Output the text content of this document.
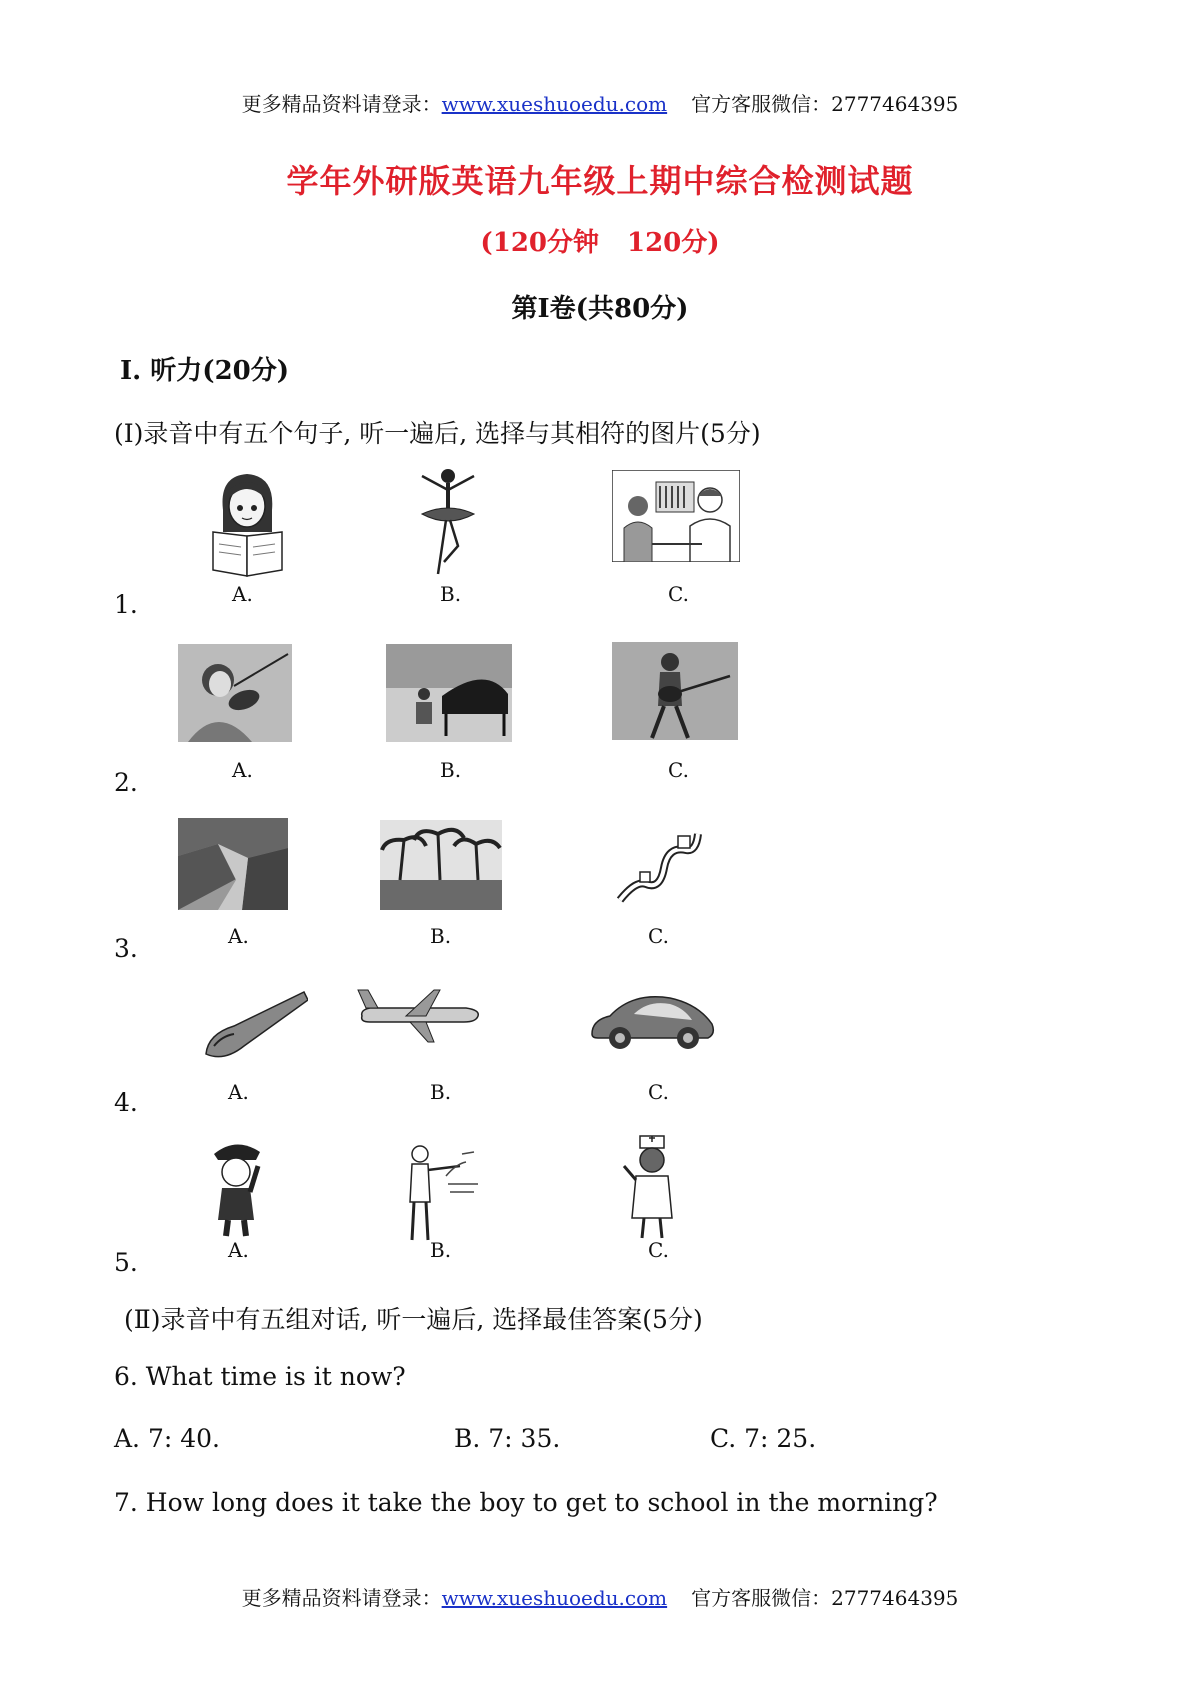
更多精品资料请登录：www.xueshuoedu.com 官方客服微信：2777464395
学年外研版英语九年级上期中综合检测试题
(120分钟 120分)
第Ⅰ卷(共80分)
Ⅰ. 听力(20分)
(Ⅰ)录音中有五个句子, 听一遍后, 选择与其相符的图片(5分)
1.	A.	B.	C.
2.	A.	B.	C.
3.	A.	B.	C.
4.	A.	B.	C.
5.	A.	B.	C.
(Ⅱ)录音中有五组对话, 听一遍后, 选择最佳答案(5分)
6. What time is it now?
A. 7: 40.	B. 7: 35.	C. 7: 25.
7. How long does it take the boy to get to school in the morning?
更多精品资料请登录：www.xueshuoedu.com 官方客服微信：2777464395
